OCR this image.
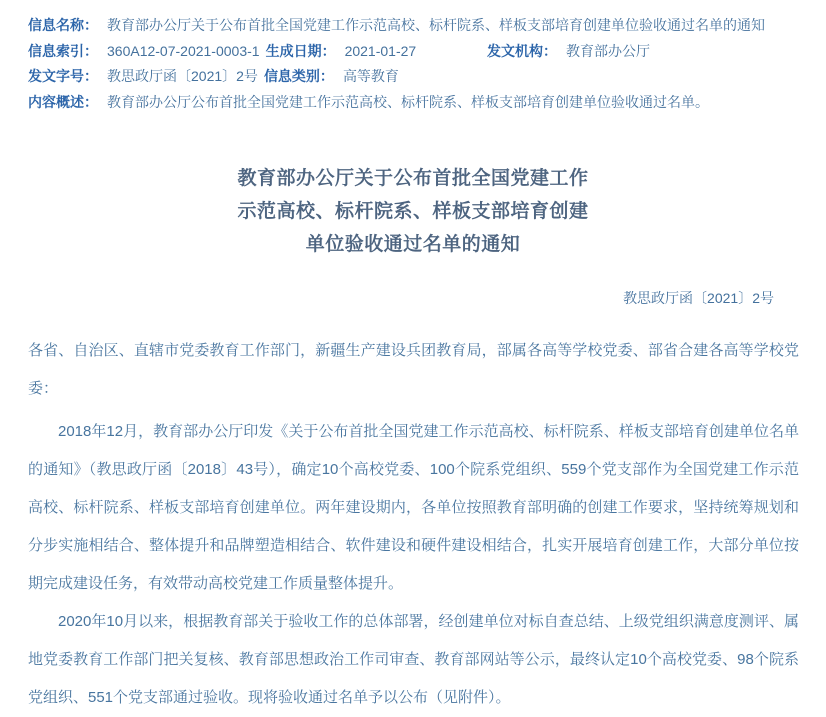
信息名称： 教育部办公厅关于公布首批全国党建工作示范高校、标杆院系、样板支部培育创建单位验收通过名单的通知
信息索引： 360A12-07-2021-0003-1 生成日期： 2021-01-27	发文机构： 教育部办公厅
发文字号： 教思政厅函〔2021〕2号 信息类别： 高等教育
内容概述： 教育部办公厅公布首批全国党建工作示范高校、标杆院系、样板支部培育创建单位验收通过名单。
教育部办公厅关于公布首批全国党建工作
示范高校、标杆院系、样板支部培育创建
单位验收通过名单的通知
教思政厅函〔2021〕2号

各省、自治区、直辖市党委教育工作部门，新疆生产建设兵团教育局，部属各高等学校党委、部省合建各高等学校党委：

2018年12月，教育部办公厅印发《关于公布首批全国党建工作示范高校、标杆院系、样板支部培育创建单位名单的通知》（教思政厅函〔2018〕43号），确定10个高校党委、100个院系党组织、559个党支部作为全国党建工作示范高校、标杆院系、样板支部培育创建单位。两年建设期内，各单位按照教育部明确的创建工作要求，坚持统筹规划和分步实施相结合、整体提升和品牌塑造相结合、软件建设和硬件建设相结合，扎实开展培育创建工作，大部分单位按期完成建设任务，有效带动高校党建工作质量整体提升。

2020年10月以来，根据教育部关于验收工作的总体部署，经创建单位对标自查总结、上级党组织满意度测评、属地党委教育工作部门把关复核、教育部思想政治工作司审查、教育部网站等公示，最终认定10个高校党委、98个院系党组织、551个党支部通过验收。现将验收通过名单予以公布（见附件）。
